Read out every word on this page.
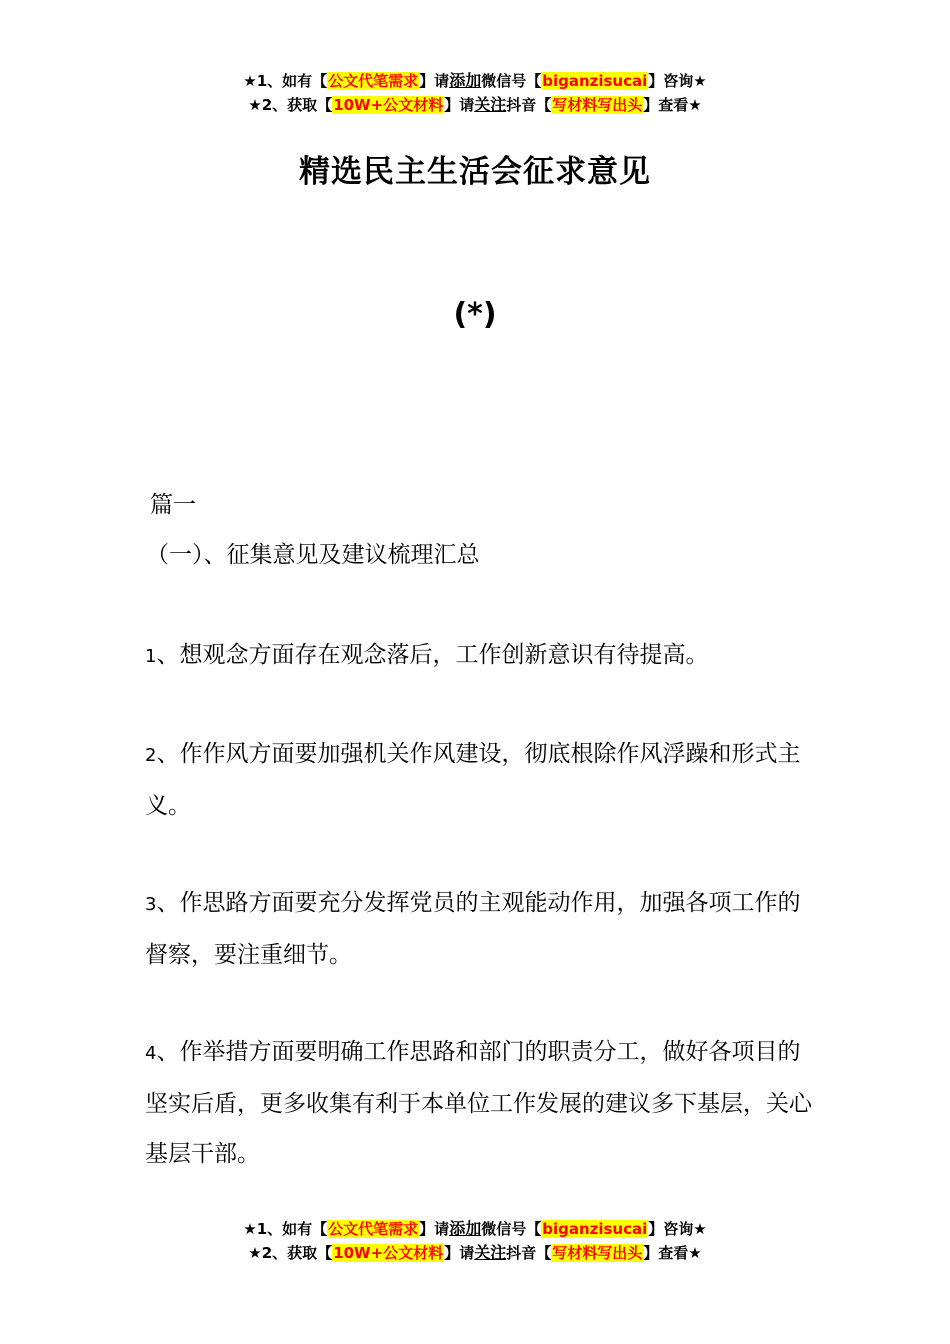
★1、如有【公文代笔需求】请添加微信号【biganzisucai】咨询★
★2、获取【10W+公文材料】请关注抖音【写材料写出头】查看★
精选民主生活会征求意见
(*)

篇一

（一）、征集意见及建议梳理汇总

1、想观念方面存在观念落后，工作创新意识有待提高。

2、作作风方面要加强机关作风建设，彻底根除作风浮躁和形式主义。

3、作思路方面要充分发挥党员的主观能动作用，加强各项工作的督察，要注重细节。

4、作举措方面要明确工作思路和部门的职责分工，做好各项目的坚实后盾，更多收集有利于本单位工作发展的建议多下基层，关心基层干部。

★1、如有【公文代笔需求】请添加微信号【biganzisucai】咨询★
★2、获取【10W+公文材料】请关注抖音【写材料写出头】查看★
